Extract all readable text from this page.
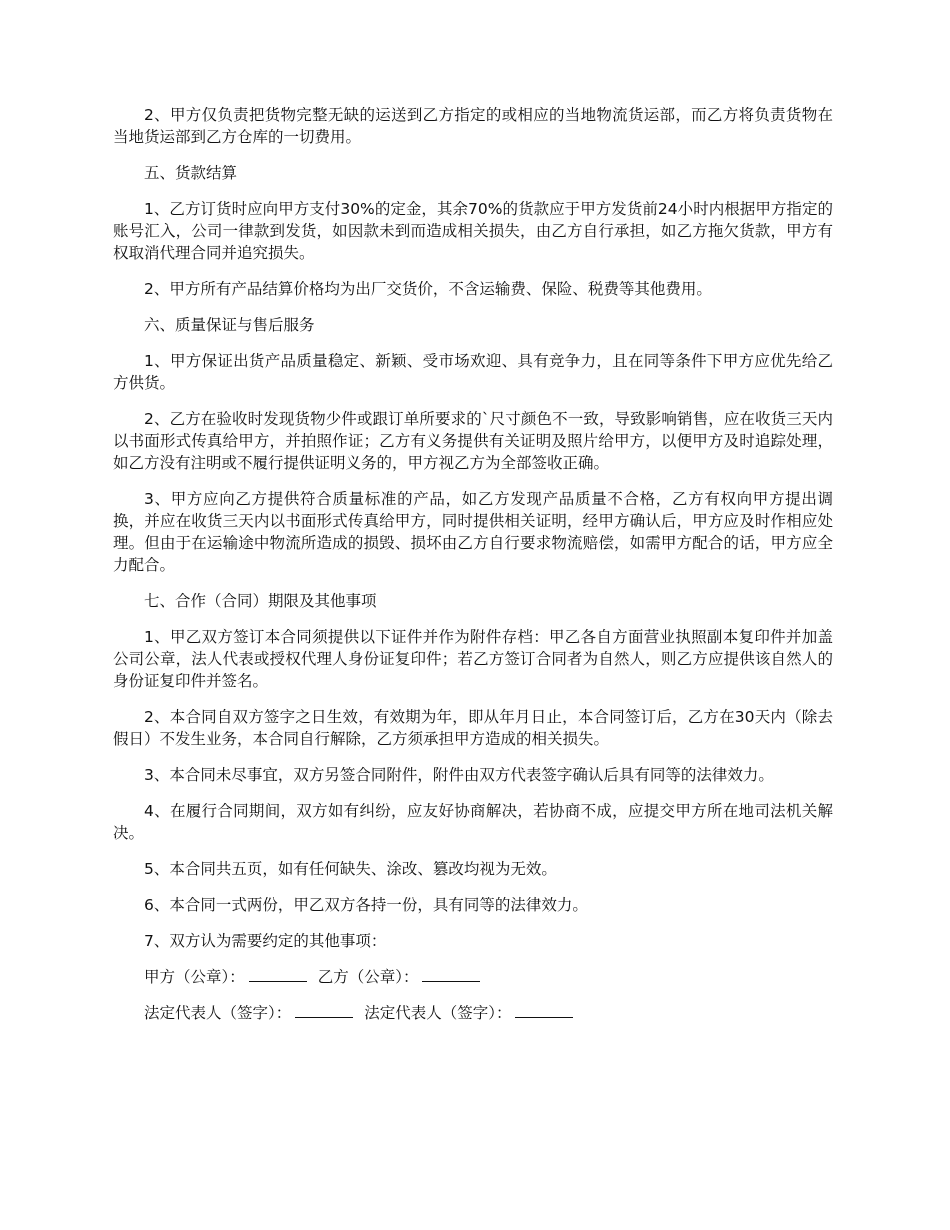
2、甲方仅负责把货物完整无缺的运送到乙方指定的或相应的当地物流货运部，而乙方将负责货物在当地货运部到乙方仓库的一切费用。

五、货款结算

1、乙方订货时应向甲方支付30%的定金，其余70%的货款应于甲方发货前24小时内根据甲方指定的账号汇入，公司一律款到发货，如因款未到而造成相关损失，由乙方自行承担，如乙方拖欠货款，甲方有权取消代理合同并追究损失。

2、甲方所有产品结算价格均为出厂交货价，不含运输费、保险、税费等其他费用。

六、质量保证与售后服务

1、甲方保证出货产品质量稳定、新颖、受市场欢迎、具有竞争力，且在同等条件下甲方应优先给乙方供货。

2、乙方在验收时发现货物少件或跟订单所要求的`尺寸颜色不一致，导致影响销售，应在收货三天内以书面形式传真给甲方，并拍照作证；乙方有义务提供有关证明及照片给甲方，以便甲方及时追踪处理，如乙方没有注明或不履行提供证明义务的，甲方视乙方为全部签收正确。

3、甲方应向乙方提供符合质量标准的产品，如乙方发现产品质量不合格，乙方有权向甲方提出调换，并应在收货三天内以书面形式传真给甲方，同时提供相关证明，经甲方确认后，甲方应及时作相应处理。但由于在运输途中物流所造成的损毁、损坏由乙方自行要求物流赔偿，如需甲方配合的话，甲方应全力配合。

七、合作（合同）期限及其他事项

1、甲乙双方签订本合同须提供以下证件并作为附件存档：甲乙各自方面营业执照副本复印件并加盖公司公章，法人代表或授权代理人身份证复印件；若乙方签订合同者为自然人，则乙方应提供该自然人的身份证复印件并签名。

2、本合同自双方签字之日生效，有效期为年，即从年月日止，本合同签订后，乙方在30天内（除去假日）不发生业务，本合同自行解除，乙方须承担甲方造成的相关损失。

3、本合同未尽事宜，双方另签合同附件，附件由双方代表签字确认后具有同等的法律效力。

4、在履行合同期间，双方如有纠纷，应友好协商解决，若协商不成，应提交甲方所在地司法机关解决。

5、本合同共五页，如有任何缺失、涂改、篡改均视为无效。

6、本合同一式两份，甲乙双方各持一份，具有同等的法律效力。

7、双方认为需要约定的其他事项：

甲方（公章）：	乙方（公章）：
法定代表人（签字）：	法定代表人（签字）：
